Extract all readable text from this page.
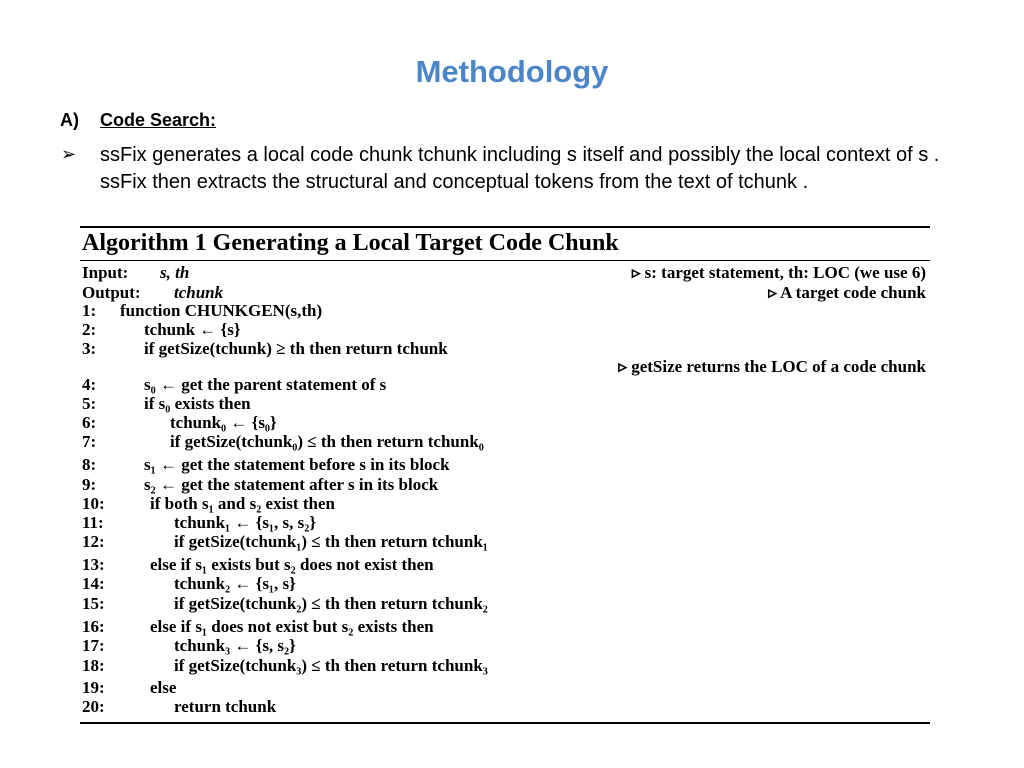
Methodology
A) Code Search:
➢ ssFix generates a local code chunk tchunk including s itself and possibly the local context of s . ssFix then extracts the structural and conceptual tokens from the text of tchunk .
Algorithm 1 Generating a Local Target Code Chunk
Input: s, th	▹ s: target statement, th: LOC (we use 6)
Output: tchunk	▹ A target code chunk
1: function CHUNKGEN(s,th)
2:	tchunk ← {s}
3:	if getSize(tchunk) ≥ th then return tchunk
▹ getSize returns the LOC of a code chunk
4:	s₀ ← get the parent statement of s
5:	if s₀ exists then
6:	tchunk₀ ← {s₀}
7:	if getSize(tchunk₀) ≤ th then return tchunk₀
8:	s₁ ← get the statement before s in its block
9:	s₂ ← get the statement after s in its block
10:	if both s₁ and s₂ exist then
11:	tchunk₁ ← {s₁, s, s₂}
12:	if getSize(tchunk₁) ≤ th then return tchunk₁
13:	else if s₁ exists but s₂ does not exist then
14:	tchunk₂ ← {s₁, s}
15:	if getSize(tchunk₂) ≤ th then return tchunk₂
16:	else if s₁ does not exist but s₂ exists then
17:	tchunk₃ ← {s, s₂}
18:	if getSize(tchunk₃) ≤ th then return tchunk₃
19:	else
20:	return tchunk
